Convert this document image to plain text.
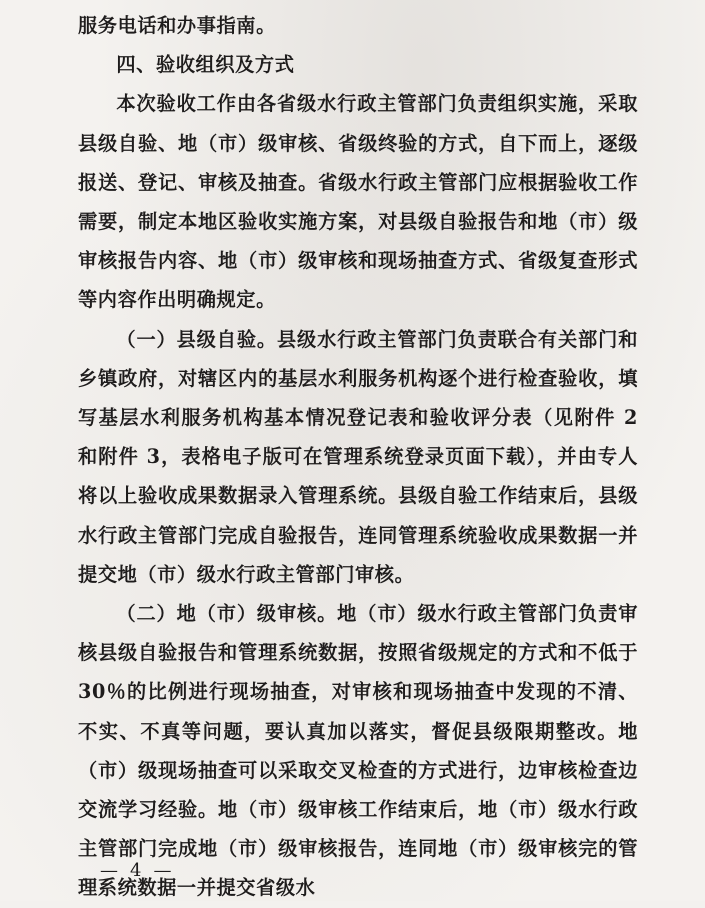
服务电话和办事指南。

四、验收组织及方式

本次验收工作由各省级水行政主管部门负责组织实施，采取县级自验、地（市）级审核、省级终验的方式，自下而上，逐级报送、登记、审核及抽查。省级水行政主管部门应根据验收工作需要，制定本地区验收实施方案，对县级自验报告和地（市）级审核报告内容、地（市）级审核和现场抽查方式、省级复查形式等内容作出明确规定。

（一）县级自验。县级水行政主管部门负责联合有关部门和乡镇政府，对辖区内的基层水利服务机构逐个进行检查验收，填写基层水利服务机构基本情况登记表和验收评分表（见附件 2 和附件 3，表格电子版可在管理系统登录页面下载），并由专人将以上验收成果数据录入管理系统。县级自验工作结束后，县级水行政主管部门完成自验报告，连同管理系统验收成果数据一并提交地（市）级水行政主管部门审核。

（二）地（市）级审核。地（市）级水行政主管部门负责审核县级自验报告和管理系统数据，按照省级规定的方式和不低于 30％的比例进行现场抽查，对审核和现场抽查中发现的不清、不实、不真等问题，要认真加以落实，督促县级限期整改。地（市）级现场抽查可以采取交叉检查的方式进行，边审核检查边交流学习经验。地（市）级审核工作结束后，地（市）级水行政主管部门完成地（市）级审核报告，连同地（市）级审核完的管理系统数据一并提交省级水

— 4 —
